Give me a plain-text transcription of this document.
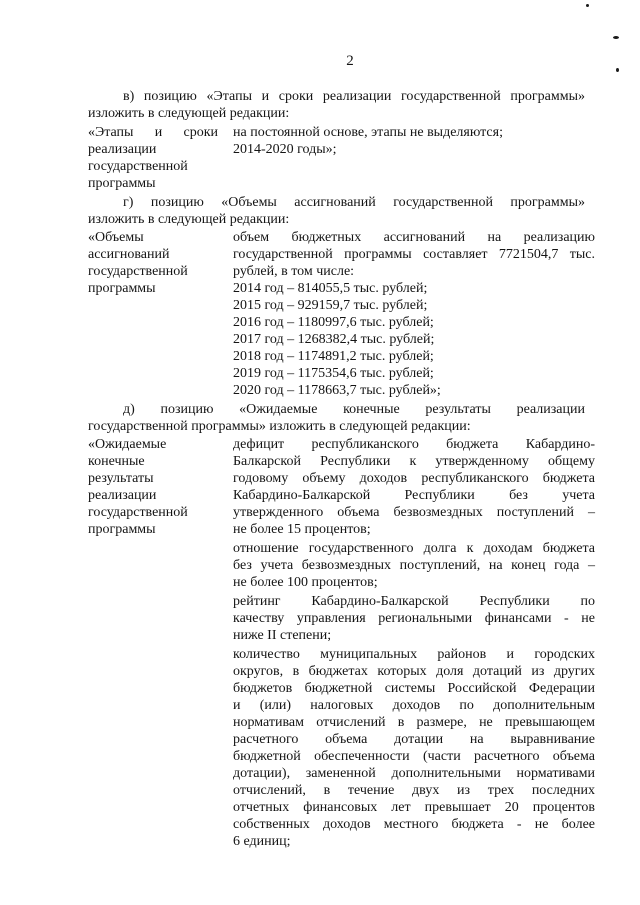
2
в) позицию «Этапы и сроки реализации государственной программы»
изложить в следующей редакции:
«Этапы и сроки
реализации
государственной
программы
на постоянной основе, этапы не выделяются;
2014-2020 годы»;
г) позицию «Объемы ассигнований государственной программы»
изложить в следующей редакции:
«Объемы
ассигнований
государственной
программы
объем бюджетных ассигнований на реализацию
государственной программы составляет 7721504,7 тыс.
рублей, в том числе:
2014 год – 814055,5 тыс. рублей;
2015 год – 929159,7 тыс. рублей;
2016 год – 1180997,6 тыс. рублей;
2017 год – 1268382,4 тыс. рублей;
2018 год – 1174891,2 тыс. рублей;
2019 год – 1175354,6 тыс. рублей;
2020 год – 1178663,7 тыс. рублей»;
д) позицию «Ожидаемые конечные результаты реализации
государственной программы» изложить в следующей редакции:
«Ожидаемые
конечные
результаты
реализации
государственной
программы
дефицит республиканского бюджета Кабардино-
Балкарской Республики к утвержденному общему
годовому объему доходов республиканского бюджета
Кабардино-Балкарской Республики без учета
утвержденного объема безвозмездных поступлений –
не более 15 процентов;
отношение государственного долга к доходам бюджета
без учета безвозмездных поступлений, на конец года –
не более 100 процентов;
рейтинг Кабардино-Балкарской Республики по
качеству управления региональными финансами - не
ниже II степени;
количество муниципальных районов и городских
округов, в бюджетах которых доля дотаций из других
бюджетов бюджетной системы Российской Федерации
и (или) налоговых доходов по дополнительным
нормативам отчислений в размере, не превышающем
расчетного объема дотации на выравнивание
бюджетной обеспеченности (части расчетного объема
дотации), замененной дополнительными нормативами
отчислений, в течение двух из трех последних
отчетных финансовых лет превышает 20 процентов
собственных доходов местного бюджета - не более
6 единиц;
